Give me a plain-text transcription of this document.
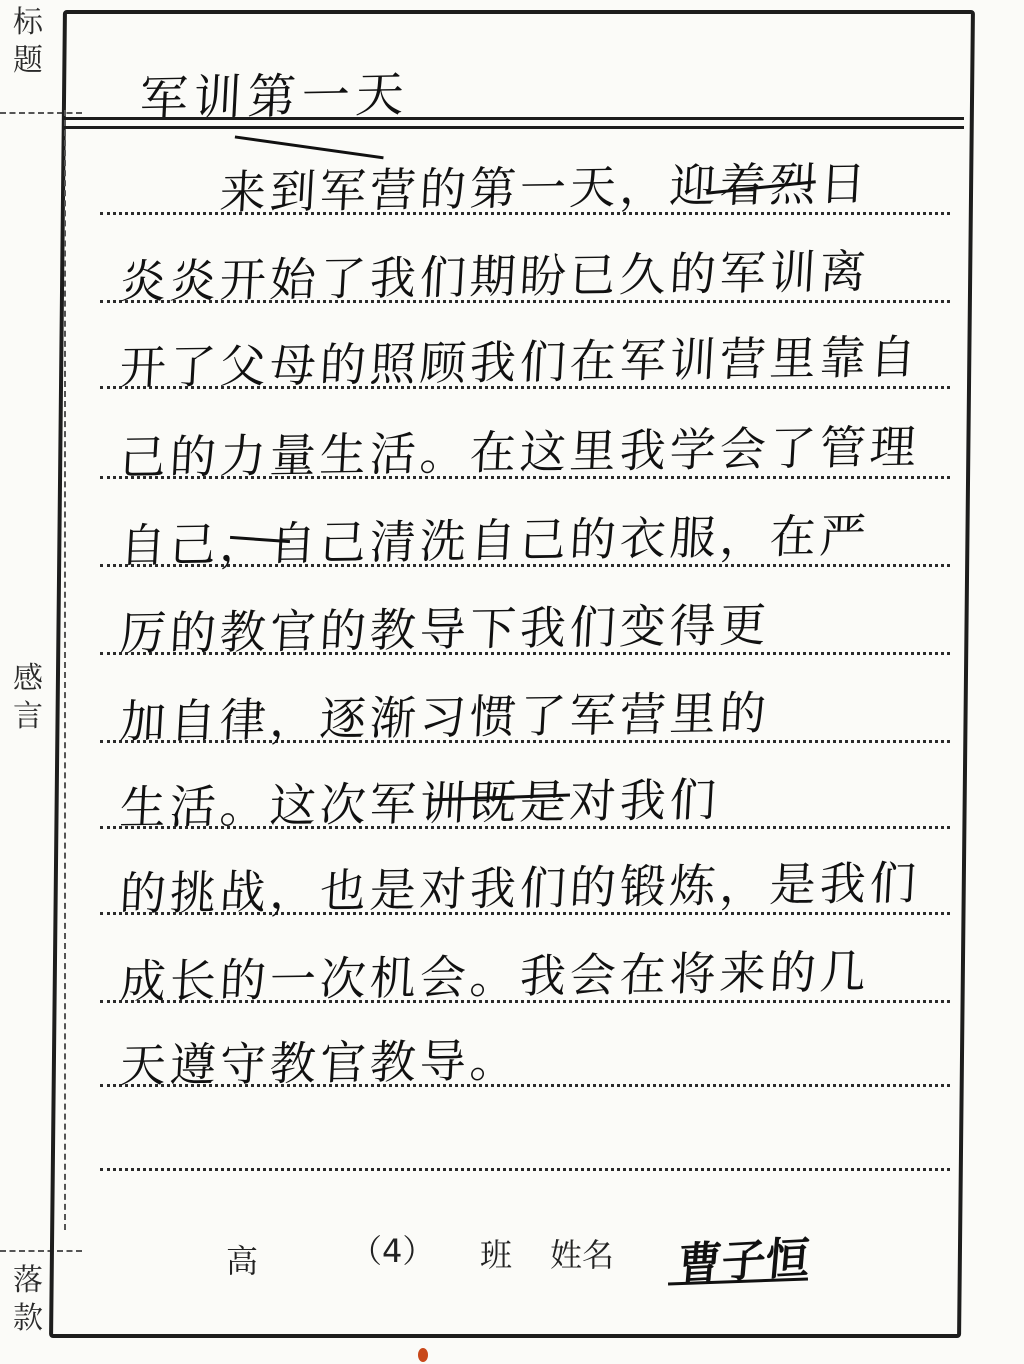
标
题
感
言
落
款
军训第一天
　　来到军营的第一天，迎着烈日
炎炎开始了我们期盼已久的军训离
开了父母的照顾我们在军训营里靠自
己的力量生活。在这里我学会了管理
自己，自己清洗自己的衣服，在严
厉的教官的教导下我们变得更
加自律，逐渐习惯了军营里的
生活。这次军训既是对我们
的挑战，也是对我们的锻炼，是我们
成长的一次机会。我会在将来的几
天遵守教官教导。
高	（4） 班 姓名 曹子恒
